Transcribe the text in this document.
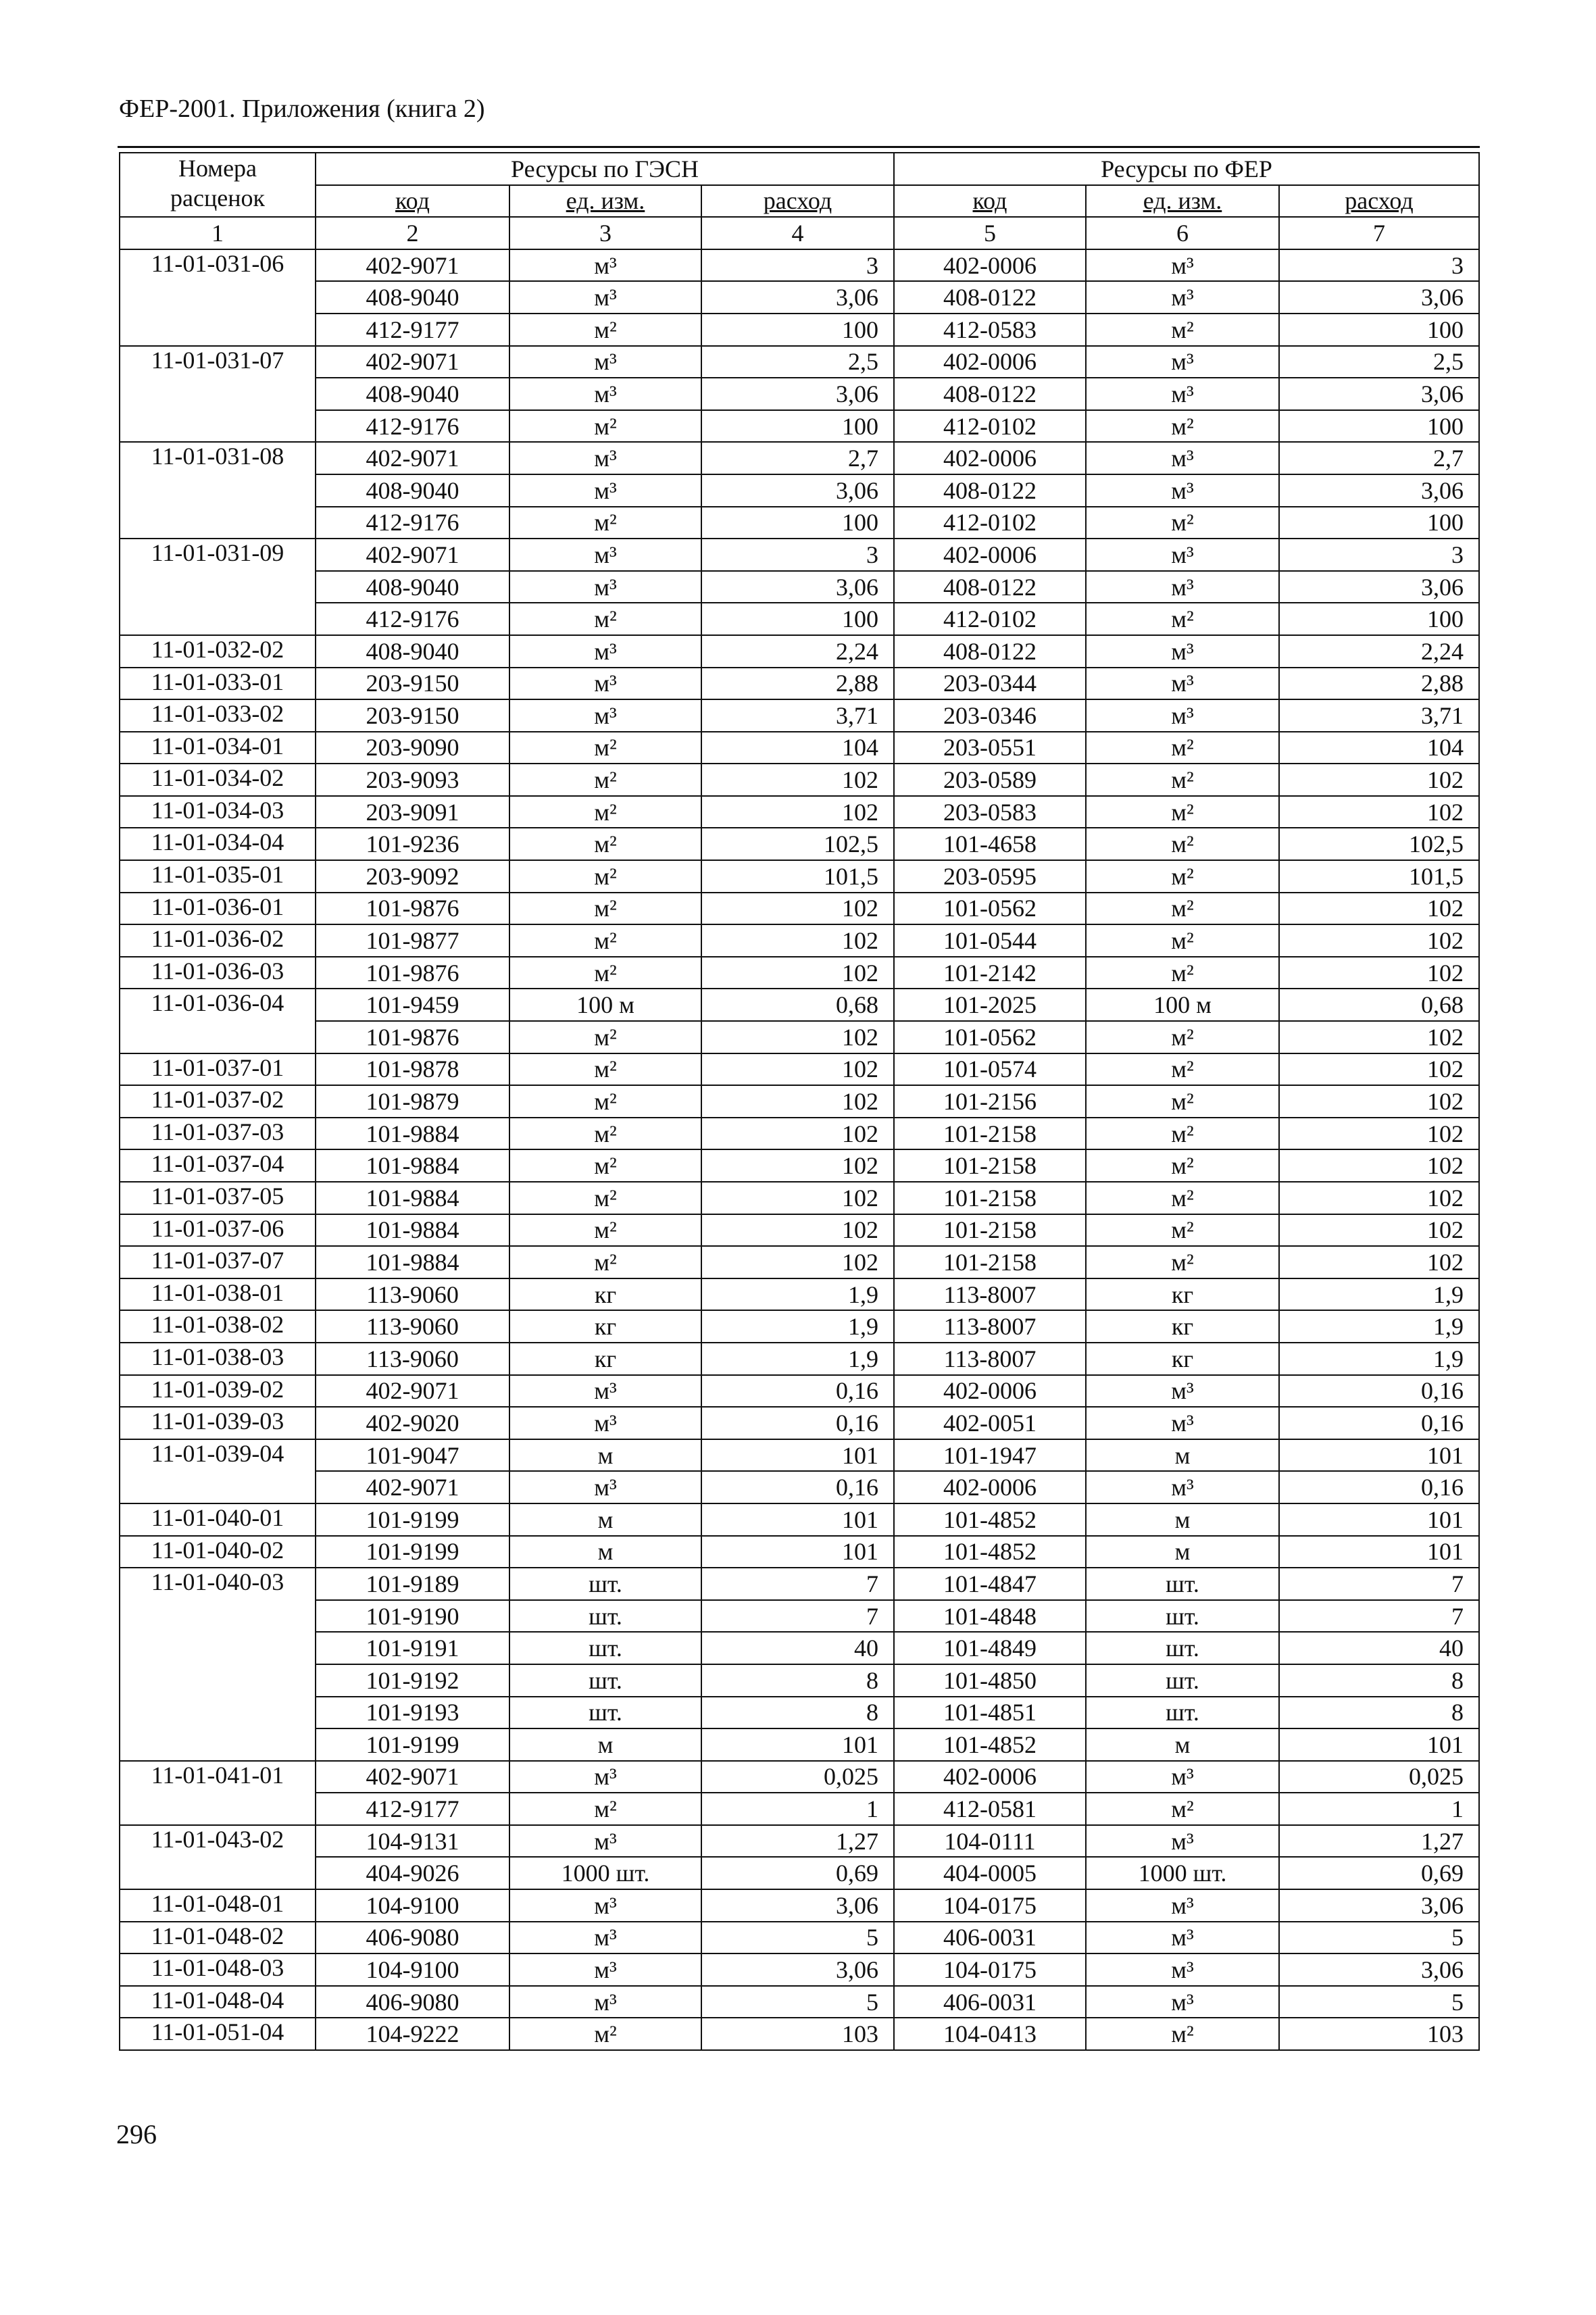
ФЕР-2001. Приложения (книга 2)
Номера
расценок	Ресурсы по ГЭСН			Ресурсы по ФЕР		
	код	ед. изм.	расход	код	ед. изм.	расход
1	2	3	4	5	6	7
11-01-031-06	402-9071	м³	3	402-0006	м³	3
	408-9040	м³	3,06	408-0122	м³	3,06
	412-9177	м²	100	412-0583	м²	100
11-01-031-07	402-9071	м³	2,5	402-0006	м³	2,5
	408-9040	м³	3,06	408-0122	м³	3,06
	412-9176	м²	100	412-0102	м²	100
11-01-031-08	402-9071	м³	2,7	402-0006	м³	2,7
	408-9040	м³	3,06	408-0122	м³	3,06
	412-9176	м²	100	412-0102	м²	100
11-01-031-09	402-9071	м³	3	402-0006	м³	3
	408-9040	м³	3,06	408-0122	м³	3,06
	412-9176	м²	100	412-0102	м²	100
11-01-032-02	408-9040	м³	2,24	408-0122	м³	2,24
11-01-033-01	203-9150	м³	2,88	203-0344	м³	2,88
11-01-033-02	203-9150	м³	3,71	203-0346	м³	3,71
11-01-034-01	203-9090	м²	104	203-0551	м²	104
11-01-034-02	203-9093	м²	102	203-0589	м²	102
11-01-034-03	203-9091	м²	102	203-0583	м²	102
11-01-034-04	101-9236	м²	102,5	101-4658	м²	102,5
11-01-035-01	203-9092	м²	101,5	203-0595	м²	101,5
11-01-036-01	101-9876	м²	102	101-0562	м²	102
11-01-036-02	101-9877	м²	102	101-0544	м²	102
11-01-036-03	101-9876	м²	102	101-2142	м²	102
11-01-036-04	101-9459	100 м	0,68	101-2025	100 м	0,68
	101-9876	м²	102	101-0562	м²	102
11-01-037-01	101-9878	м²	102	101-0574	м²	102
11-01-037-02	101-9879	м²	102	101-2156	м²	102
11-01-037-03	101-9884	м²	102	101-2158	м²	102
11-01-037-04	101-9884	м²	102	101-2158	м²	102
11-01-037-05	101-9884	м²	102	101-2158	м²	102
11-01-037-06	101-9884	м²	102	101-2158	м²	102
11-01-037-07	101-9884	м²	102	101-2158	м²	102
11-01-038-01	113-9060	кг	1,9	113-8007	кг	1,9
11-01-038-02	113-9060	кг	1,9	113-8007	кг	1,9
11-01-038-03	113-9060	кг	1,9	113-8007	кг	1,9
11-01-039-02	402-9071	м³	0,16	402-0006	м³	0,16
11-01-039-03	402-9020	м³	0,16	402-0051	м³	0,16
11-01-039-04	101-9047	м	101	101-1947	м	101
	402-9071	м³	0,16	402-0006	м³	0,16
11-01-040-01	101-9199	м	101	101-4852	м	101
11-01-040-02	101-9199	м	101	101-4852	м	101
11-01-040-03	101-9189	шт.	7	101-4847	шт.	7
	101-9190	шт.	7	101-4848	шт.	7
	101-9191	шт.	40	101-4849	шт.	40
	101-9192	шт.	8	101-4850	шт.	8
	101-9193	шт.	8	101-4851	шт.	8
	101-9199	м	101	101-4852	м	101
11-01-041-01	402-9071	м³	0,025	402-0006	м³	0,025
	412-9177	м²	1	412-0581	м²	1
11-01-043-02	104-9131	м³	1,27	104-0111	м³	1,27
	404-9026	1000 шт.	0,69	404-0005	1000 шт.	0,69
11-01-048-01	104-9100	м³	3,06	104-0175	м³	3,06
11-01-048-02	406-9080	м³	5	406-0031	м³	5
11-01-048-03	104-9100	м³	3,06	104-0175	м³	3,06
11-01-048-04	406-9080	м³	5	406-0031	м³	5
11-01-051-04	104-9222	м²	103	104-0413	м²	103
296
